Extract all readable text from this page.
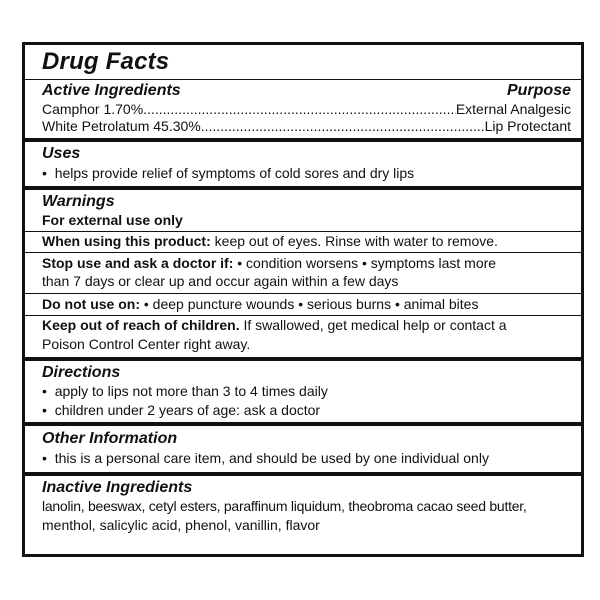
Drug Facts
Active Ingredients	Purpose
Camphor 1.70% .....	External Analgesic
White Petrolatum 45.30% .....	Lip Protectant
Uses
•  helps provide relief of symptoms of cold sores and dry lips
Warnings
For external use only
When using this product: keep out of eyes. Rinse with water to remove.
Stop use and ask a doctor if: • condition worsens • symptoms last more
than 7 days or clear up and occur again within a few days
Do not use on: • deep puncture wounds • serious burns • animal bites
Keep out of reach of children. If swallowed, get medical help or contact a
Poison Control Center right away.
Directions
•  apply to lips not more than 3 to 4 times daily
•  children under 2 years of age: ask a doctor
Other Information
•  this is a personal care item, and should be used by one individual only
Inactive Ingredients
lanolin, beeswax, cetyl esters, paraffinum liquidum, theobroma cacao seed butter,
menthol, salicylic acid, phenol, vanillin, flavor
